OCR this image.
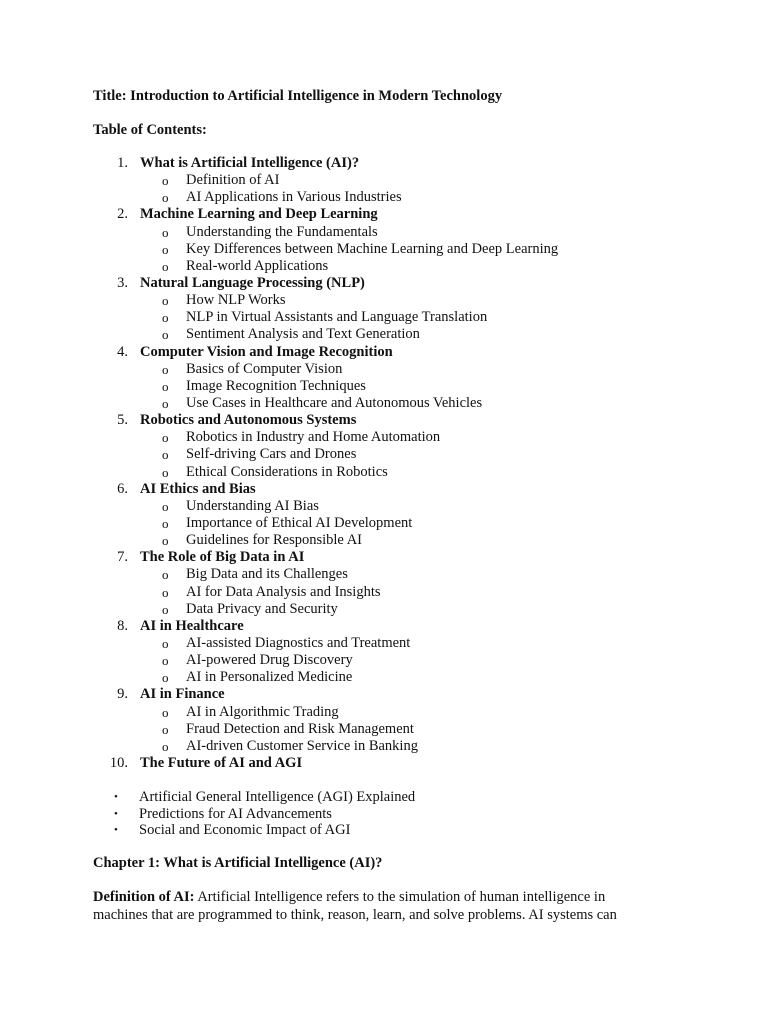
Title: Introduction to Artificial Intelligence in Modern Technology
Table of Contents:
1. What is Artificial Intelligence (AI)?
o Definition of AI
o AI Applications in Various Industries
2. Machine Learning and Deep Learning
o Understanding the Fundamentals
o Key Differences between Machine Learning and Deep Learning
o Real-world Applications
3. Natural Language Processing (NLP)
o How NLP Works
o NLP in Virtual Assistants and Language Translation
o Sentiment Analysis and Text Generation
4. Computer Vision and Image Recognition
o Basics of Computer Vision
o Image Recognition Techniques
o Use Cases in Healthcare and Autonomous Vehicles
5. Robotics and Autonomous Systems
o Robotics in Industry and Home Automation
o Self-driving Cars and Drones
o Ethical Considerations in Robotics
6. AI Ethics and Bias
o Understanding AI Bias
o Importance of Ethical AI Development
o Guidelines for Responsible AI
7. The Role of Big Data in AI
o Big Data and its Challenges
o AI for Data Analysis and Insights
o Data Privacy and Security
8. AI in Healthcare
o AI-assisted Diagnostics and Treatment
o AI-powered Drug Discovery
o AI in Personalized Medicine
9. AI in Finance
o AI in Algorithmic Trading
o Fraud Detection and Risk Management
o AI-driven Customer Service in Banking
10. The Future of AI and AGI
• Artificial General Intelligence (AGI) Explained
• Predictions for AI Advancements
• Social and Economic Impact of AGI
Chapter 1: What is Artificial Intelligence (AI)?
Definition of AI: Artificial Intelligence refers to the simulation of human intelligence in
machines that are programmed to think, reason, learn, and solve problems. AI systems can
